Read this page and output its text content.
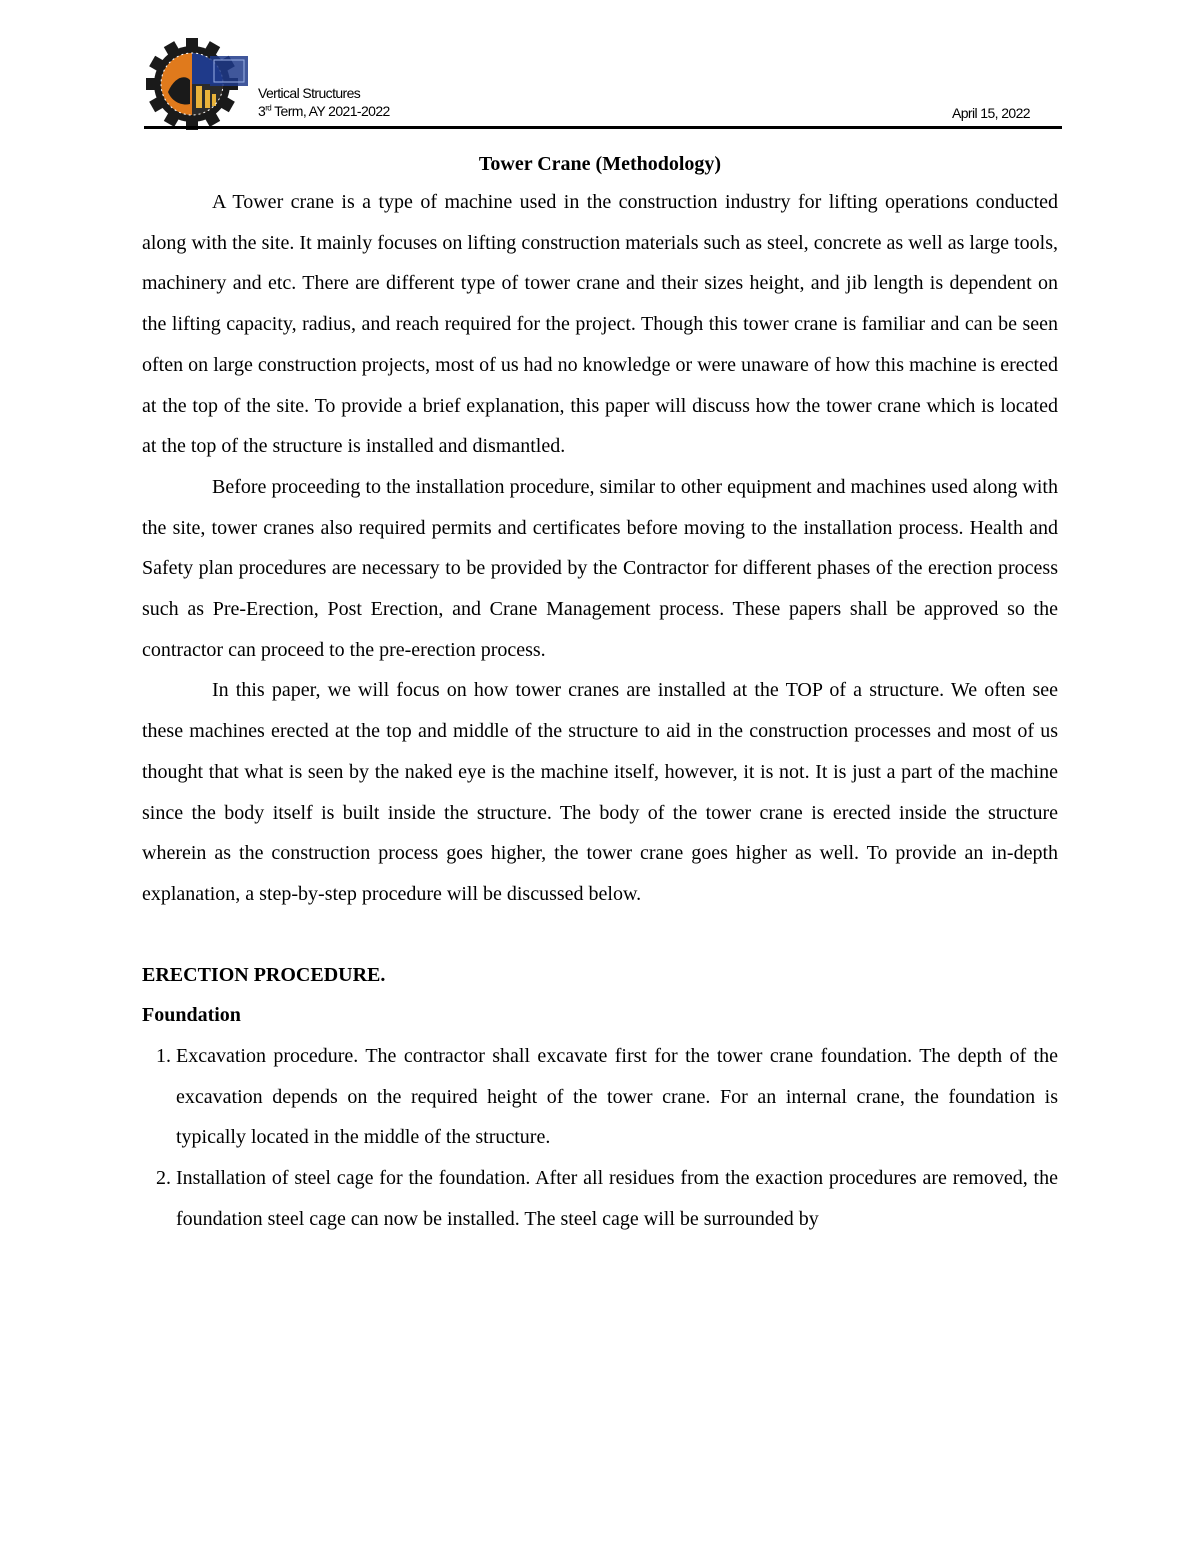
Vertical Structures
3rd Term, AY 2021-2022	April 15, 2022
Tower Crane (Methodology)

A Tower crane is a type of machine used in the construction industry for lifting operations conducted along with the site. It mainly focuses on lifting construction materials such as steel, concrete as well as large tools, machinery and etc. There are different type of tower crane and their sizes height, and jib length is dependent on the lifting capacity, radius, and reach required for the project. Though this tower crane is familiar and can be seen often on large construction projects, most of us had no knowledge or were unaware of how this machine is erected at the top of the site. To provide a brief explanation, this paper will discuss how the tower crane which is located at the top of the structure is installed and dismantled.

Before proceeding to the installation procedure, similar to other equipment and machines used along with the site, tower cranes also required permits and certificates before moving to the installation process. Health and Safety plan procedures are necessary to be provided by the Contractor for different phases of the erection process such as Pre-Erection, Post Erection, and Crane Management process. These papers shall be approved so the contractor can proceed to the pre-erection process.

In this paper, we will focus on how tower cranes are installed at the TOP of a structure. We often see these machines erected at the top and middle of the structure to aid in the construction processes and most of us thought that what is seen by the naked eye is the machine itself, however, it is not. It is just a part of the machine since the body itself is built inside the structure. The body of the tower crane is erected inside the structure wherein as the construction process goes higher, the tower crane goes higher as well. To provide an in-depth explanation, a step-by-step procedure will be discussed below.

ERECTION PROCEDURE.

Foundation

1. Excavation procedure. The contractor shall excavate first for the tower crane foundation. The depth of the excavation depends on the required height of the tower crane. For an internal crane, the foundation is typically located in the middle of the structure.
2. Installation of steel cage for the foundation. After all residues from the exaction procedures are removed, the foundation steel cage can now be installed. The steel cage will be surrounded by
